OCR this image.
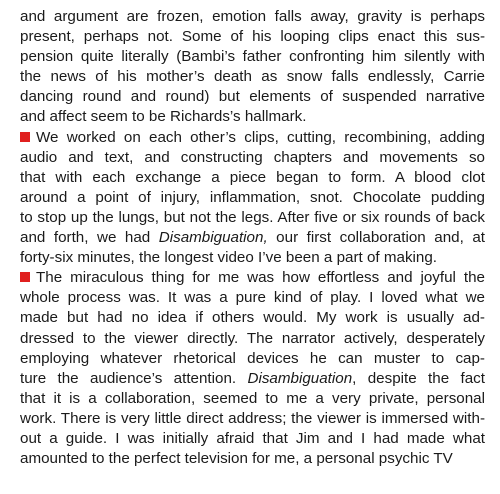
and argument are frozen, emotion falls away, gravity is perhaps
present, perhaps not. Some of his looping clips enact this sus-
pension quite literally (Bambi’s father confronting him silently with
the news of his mother’s death as snow falls endlessly, Carrie
dancing round and round) but elements of suspended narrative
and affect seem to be Richards’s hallmark.
We worked on each other’s clips, cutting, recombining, adding
audio and text, and constructing chapters and movements so
that with each exchange a piece began to form. A blood clot
around a point of injury, inflammation, snot. Chocolate pudding
to stop up the lungs, but not the legs. After five or six rounds of back
and forth, we had Disambiguation, our first collaboration and, at
forty-six minutes, the longest video I’ve been a part of making.
The miraculous thing for me was how effortless and joyful the
whole process was. It was a pure kind of play. I loved what we
made but had no idea if others would. My work is usually ad-
dressed to the viewer directly. The narrator actively, desperately
employing whatever rhetorical devices he can muster to cap-
ture the audience’s attention. Disambiguation, despite the fact
that it is a collaboration, seemed to me a very private, personal
work. There is very little direct address; the viewer is immersed with-
out a guide. I was initially afraid that Jim and I had made what
amounted to the perfect television for me, a personal psychic TV
